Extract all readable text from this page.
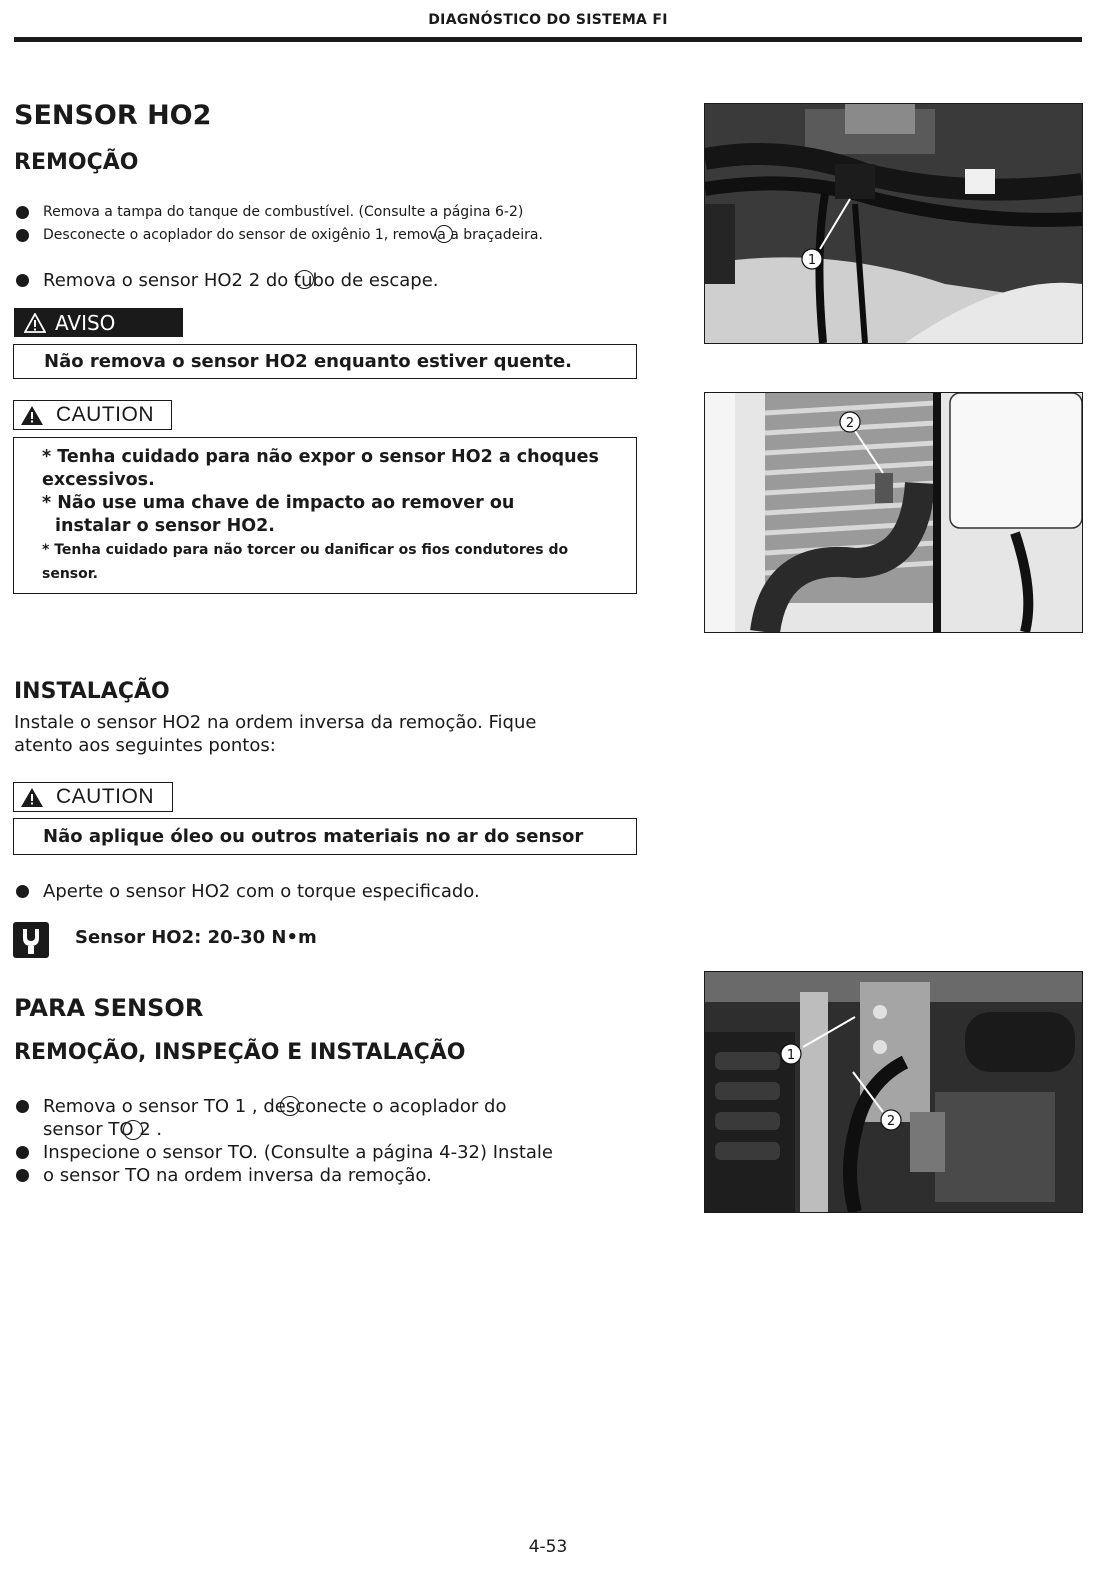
DIAGNÓSTICO DO SISTEMA FI
SENSOR HO2
REMOÇÃO
Remova a tampa do tanque de combustível. (Consulte a página 6-2)
Desconecte o acoplador do sensor de oxigênio 1, remova a braçadeira.
Remova o sensor HO2 2 do tubo de escape.
AVISO
Não remova o sensor HO2 enquanto estiver quente.
CAUTION
* Tenha cuidado para não expor o sensor HO2 a choques
excessivos.
* Não use uma chave de impacto ao remover ou
instalar o sensor HO2.
* Tenha cuidado para não torcer ou danificar os fios condutores do
sensor.
INSTALAÇÃO
Instale o sensor HO2 na ordem inversa da remoção. Fique
atento aos seguintes pontos:
CAUTION
Não aplique óleo ou outros materiais no ar do sensor
Aperte o sensor HO2 com o torque especificado.
Sensor HO2: 20-30 N•m
PARA SENSOR
REMOÇÃO, INSPEÇÃO E INSTALAÇÃO
Remova o sensor TO 1 , desconecte o acoplador do
sensor TO 2 .
Inspecione o sensor TO. (Consulte a página 4-32) Instale
o sensor TO na ordem inversa da remoção.
1
2
1
2
4-53
